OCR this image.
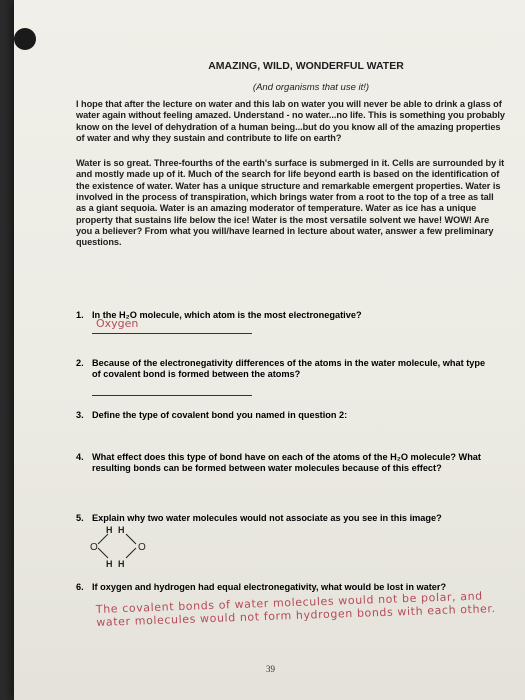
AMAZING, WILD, WONDERFUL WATER
(And organisms that use it!)

I hope that after the lecture on water and this lab on water you will never be able to drink a glass of water again without feeling amazed. Understand - no water...no life. This is something you probably know on the level of dehydration of a human being...but do you know all of the amazing properties of water and why they sustain and contribute to life on earth?

Water is so great. Three-fourths of the earth's surface is submerged in it. Cells are surrounded by it and mostly made up of it. Much of the search for life beyond earth is based on the identification of the existence of water. Water has a unique structure and remarkable emergent properties. Water is involved in the process of transpiration, which brings water from a root to the top of a tree as tall as a giant sequoia. Water is an amazing moderator of temperature. Water as ice has a unique property that sustains life below the ice! Water is the most versatile solvent we have! WOW! Are you a believer? From what you will/have learned in lecture about water, answer a few preliminary questions.

1. In the H₂O molecule, which atom is the most electronegative?
Oxygen
2. Because of the electronegativity differences of the atoms in the water molecule, what type of covalent bond is formed between the atoms?
3. Define the type of covalent bond you named in question 2:
4. What effect does this type of bond have on each of the atoms of the H₂O molecule? What resulting bonds can be formed between water molecules because of this effect?
5. Explain why two water molecules would not associate as you see in this image?
O	O
H H
H H
6. If oxygen and hydrogen had equal electronegativity, what would be lost in water?
The covalent bonds of water molecules would not be polar, and water molecules would not form hydrogen bonds with each other.
39
